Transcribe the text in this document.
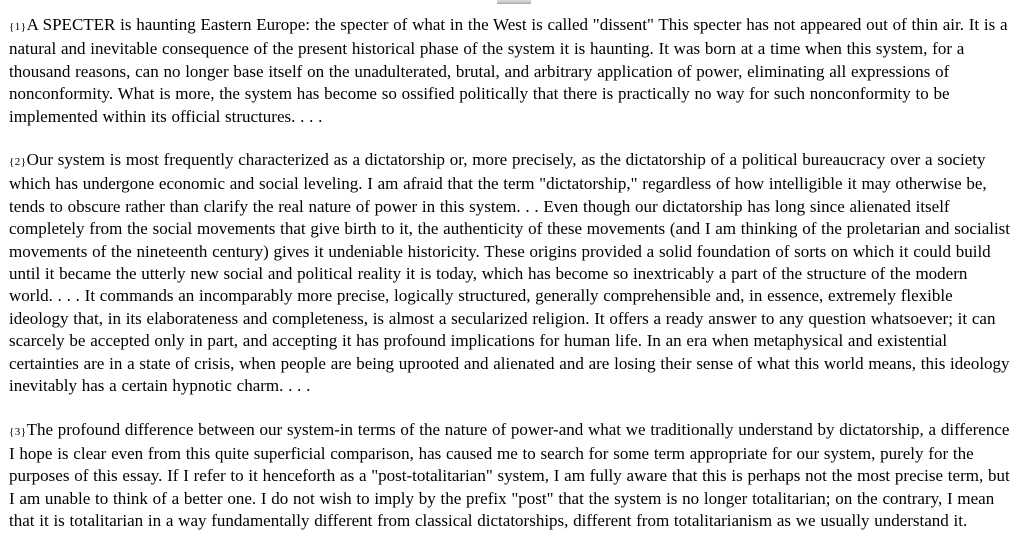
{1}A SPECTER is haunting Eastern Europe: the specter of what in the West is called "dissent" This specter has not appeared out of thin air. It is a natural and inevitable consequence of the present historical phase of the system it is haunting. It was born at a time when this system, for a thousand reasons, can no longer base itself on the unadulterated, brutal, and arbitrary application of power, eliminating all expressions of nonconformity. What is more, the system has become so ossified politically that there is practically no way for such nonconformity to be implemented within its official structures. . . .

{2}Our system is most frequently characterized as a dictatorship or, more precisely, as the dictatorship of a political bureaucracy over a society which has undergone economic and social leveling. I am afraid that the term "dictatorship," regardless of how intelligible it may otherwise be, tends to obscure rather than clarify the real nature of power in this system. . . Even though our dictatorship has long since alienated itself completely from the social movements that give birth to it, the authenticity of these movements (and I am thinking of the proletarian and socialist movements of the nineteenth century) gives it undeniable historicity. These origins provided a solid foundation of sorts on which it could build until it became the utterly new social and political reality it is today, which has become so inextricably a part of the structure of the modern world. . . . It commands an incomparably more precise, logically structured, generally comprehensible and, in essence, extremely flexible ideology that, in its elaborateness and completeness, is almost a secularized religion. It offers a ready answer to any question whatsoever; it can scarcely be accepted only in part, and accepting it has profound implications for human life. In an era when metaphysical and existential certainties are in a state of crisis, when people are being uprooted and alienated and are losing their sense of what this world means, this ideology inevitably has a certain hypnotic charm. . . .

{3}The profound difference between our system-in terms of the nature of power-and what we traditionally understand by dictatorship, a difference I hope is clear even from this quite superficial comparison, has caused me to search for some term appropriate for our system, purely for the purposes of this essay. If I refer to it henceforth as a "post-totalitarian" system, I am fully aware that this is perhaps not the most precise term, but I am unable to think of a better one. I do not wish to imply by the prefix "post" that the system is no longer totalitarian; on the contrary, I mean that it is totalitarian in a way fundamentally different from classical dictatorships, different from totalitarianism as we usually understand it.
